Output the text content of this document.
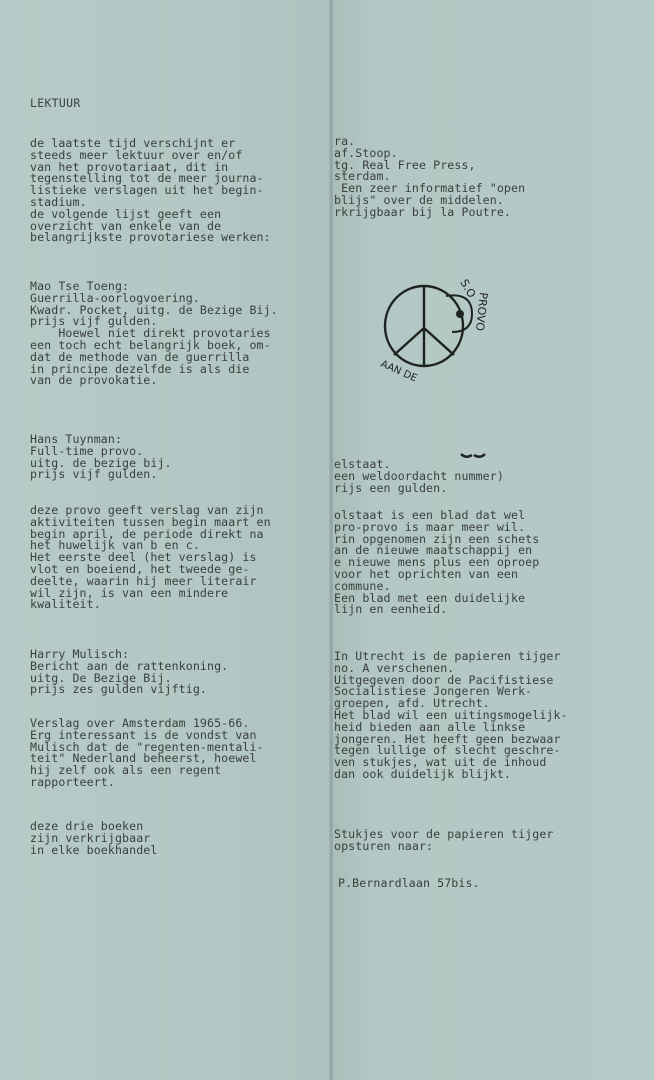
LEKTUUR
de laatste tijd verschijnt er
steeds meer lektuur over en/of
van het provotariaat, dit in
tegenstelling tot de meer journa-
listieke verslagen uit het begin-
stadium.
de volgende lijst geeft een
overzicht van enkele van de
belangrijkste provotariese werken:
Mao Tse Toeng:
Guerrilla-oorlogvoering.
Kwadr. Pocket, uitg. de Bezige Bij.
prijs vijf gulden.
Hoewel niet direkt provotaries
een toch echt belangrijk boek, om-
dat de methode van de guerrilla
in principe dezelfde is als die
van de provokatie.
Hans Tuynman:
Full-time provo.
uitg. de bezige bij.
prijs vijf gulden.
deze provo geeft verslag van zijn
aktiviteiten tussen begin maart en
begin april, de periode direkt na
het huwelijk van b en c.
Het eerste deel (het verslag) is
vlot en boeiend, het tweede ge-
deelte, waarin hij meer literair
wil zijn, is van een mindere
kwaliteit.
Harry Mulisch:
Bericht aan de rattenkoning.
uitg. De Bezige Bij.
prijs zes gulden vijftig.
Verslag over Amsterdam 1965-66.
Erg interessant is de vondst van
Mulisch dat de "regenten-mentali-
teit" Nederland beheerst, hoewel
hij zelf ook als een regent
rapporteert.
deze drie boeken
zijn verkrijgbaar
in elke boekhandel
ra.
af.Stoop.
tg. Real Free Press,
sterdam.
Een zeer informatief "open
blijs" over de middelen.
rkrijgbaar bij la Poutre.
elstaat.
een weldoordacht nummer)
rijs een gulden.
olstaat is een blad dat wel
pro-provo is maar meer wil.
rin opgenomen zijn een schets
an de nieuwe maatschappij en
e nieuwe mens plus een oproep
voor het oprichten van een
commune.
Een blad met een duidelijke
lijn en eenheid.
In Utrecht is de papieren tijger
no. A verschenen.
Uitgegeven door de Pacifistiese
Socialistiese Jongeren Werk-
groepen, afd. Utrecht.
Het blad wil een uitingsmogelijk-
heid bieden aan alle linkse
jongeren. Het heeft geen bezwaar
tegen lullige of slecht geschre-
ven stukjes, wat uit de inhoud
dan ook duidelijk blijkt.
Stukjes voor de papieren tijger
opsturen naar:
P.Bernardlaan 57bis.
S.O
PROVO
AAN DE
